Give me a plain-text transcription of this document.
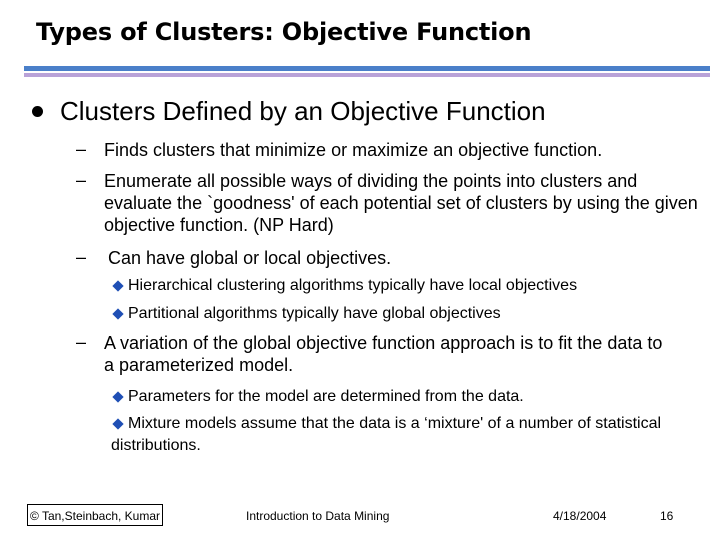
Types of Clusters: Objective Function
Clusters Defined by an Objective Function
– Finds clusters that minimize or maximize an objective function.
– Enumerate all possible ways of dividing the points into clusters and evaluate the `goodness' of each potential set of clusters by using the given objective function. (NP Hard)
– Can have global or local objectives.
Hierarchical clustering algorithms typically have local objectives
Partitional algorithms typically have global objectives
– A variation of the global objective function approach is to fit the data to a parameterized model.
Parameters for the model are determined from the data.
Mixture models assume that the data is a ‘mixture' of a number of statistical distributions.
© Tan,Steinbach, Kumar	Introduction to Data Mining	4/18/2004	16
